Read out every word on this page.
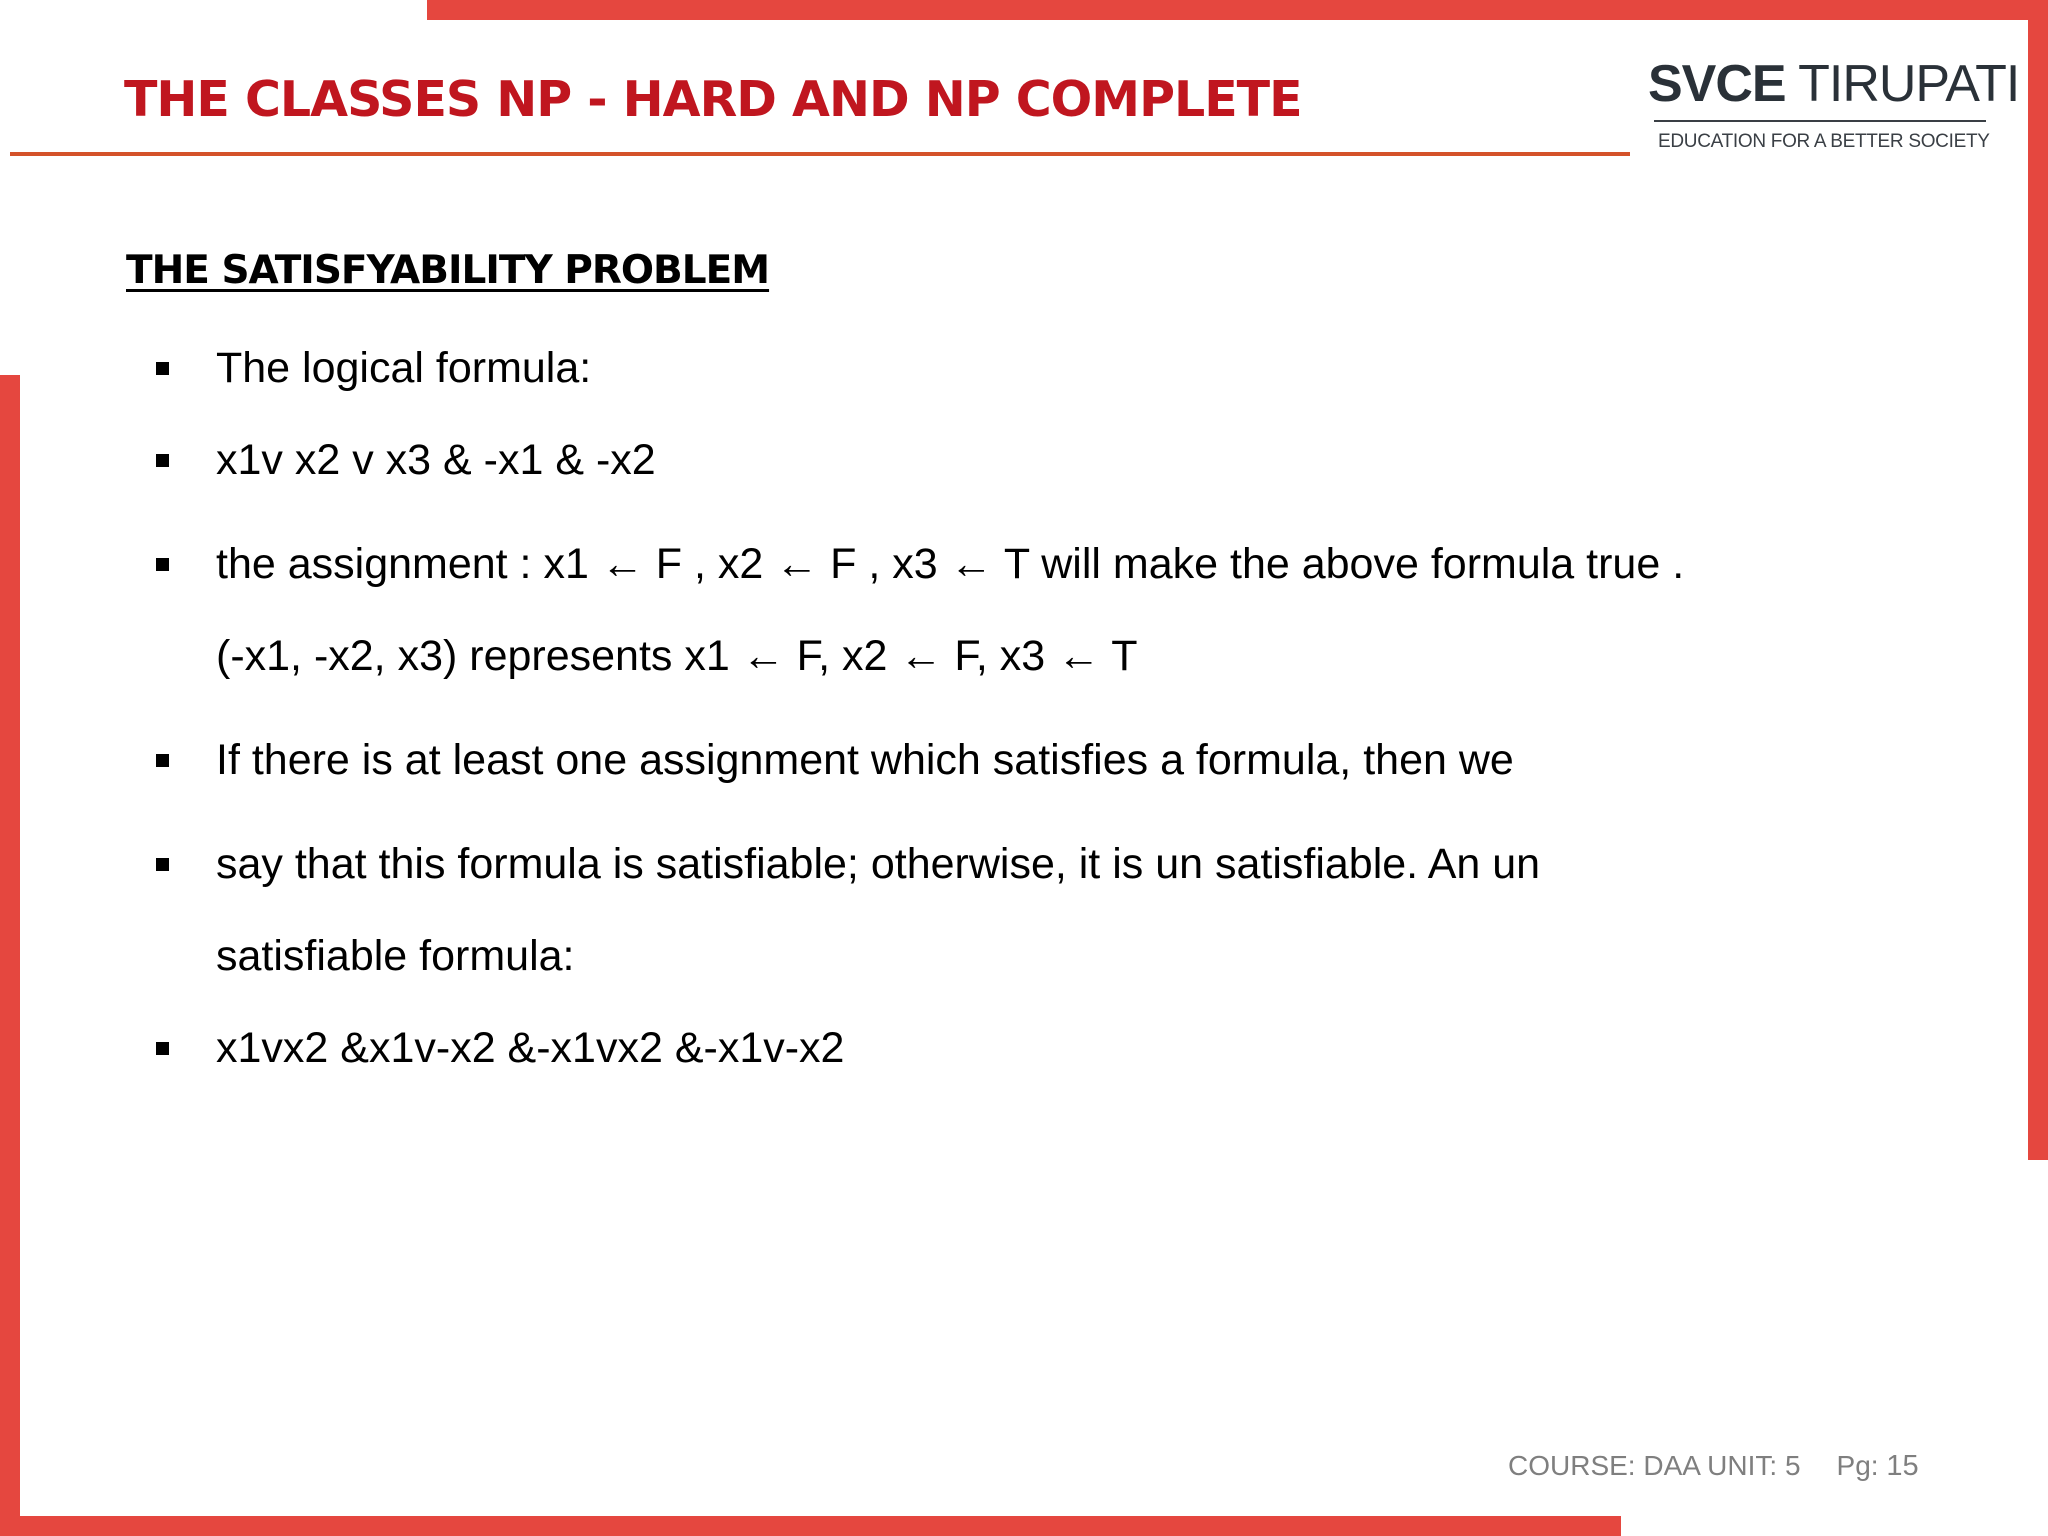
THE CLASSES NP - HARD AND NP COMPLETE	SVCE TIRUPATI
EDUCATION FOR A BETTER SOCIETY
THE SATISFYABILITY PROBLEM
The logical formula:
x1v x2 v x3 & -x1 & -x2
the assignment : x1 ← F , x2 ← F , x3 ← T will make the above formula true . (-x1, -x2, x3) represents x1 ← F, x2 ← F, x3 ← T
If there is at least one assignment which satisfies a formula, then we
say that this formula is satisfiable; otherwise, it is un satisfiable. An un satisfiable formula:
x1vx2 &x1v-x2 &-x1vx2 &-x1v-x2
COURSE: DAA UNIT: 5 Pg: 15
